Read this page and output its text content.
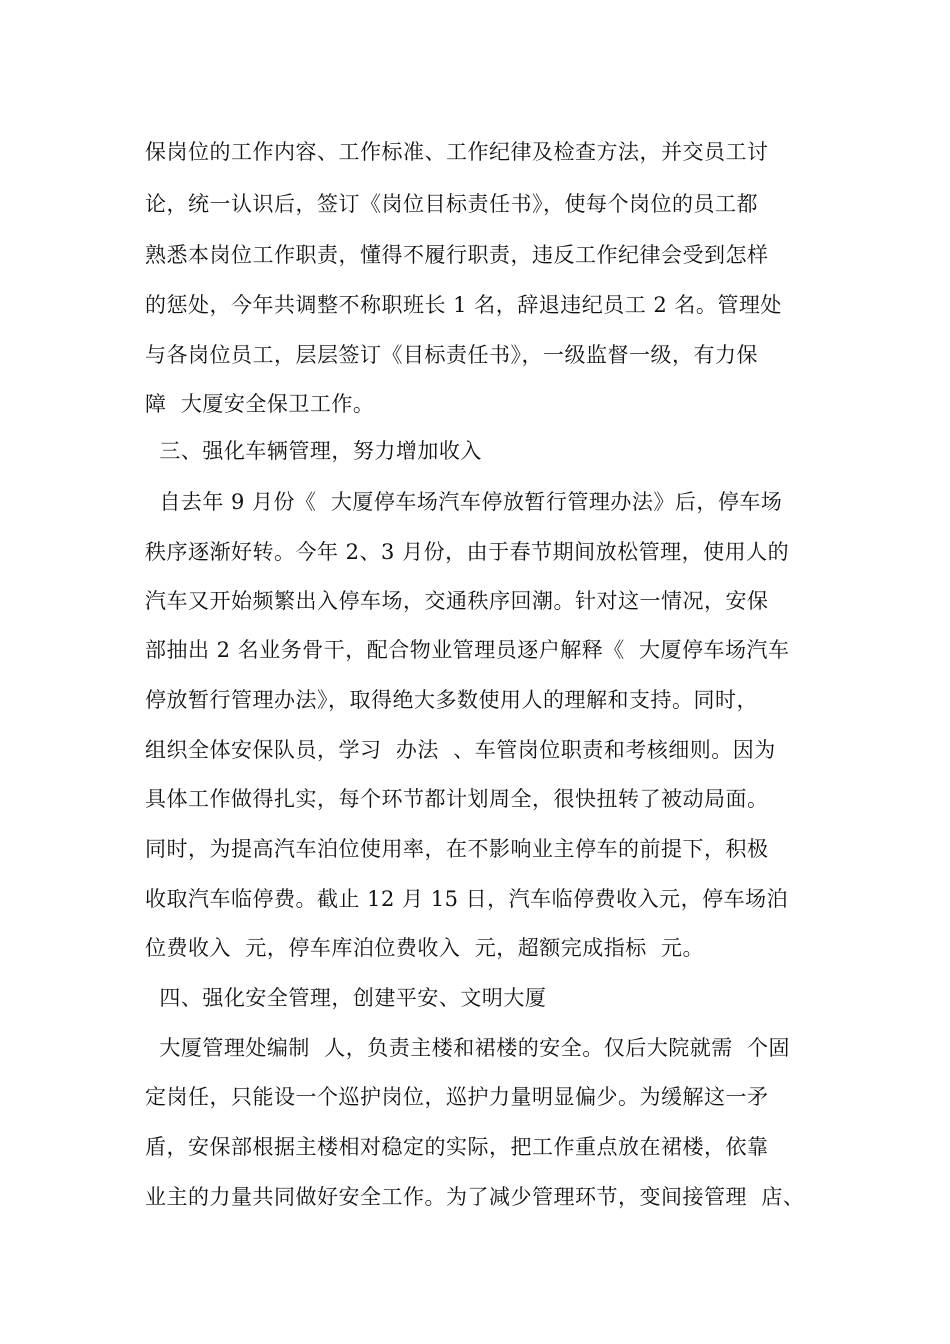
保岗位的工作内容、工作标准、工作纪律及检查方法，并交员工讨
论，统一认识后，签订《岗位目标责任书》，使每个岗位的员工都
熟悉本岗位工作职责，懂得不履行职责，违反工作纪律会受到怎样
的惩处，今年共调整不称职班长 1 名，辞退违纪员工 2 名。管理处
与各岗位员工，层层签订《目标责任书》，一级监督一级，有力保
障  大厦安全保卫工作。
三、强化车辆管理，努力增加收入
自去年 9 月份《  大厦停车场汽车停放暂行管理办法》后，停车场
秩序逐渐好转。今年 2、3 月份，由于春节期间放松管理，使用人的
汽车又开始频繁出入停车场，交通秩序回潮。针对这一情况，安保
部抽出 2 名业务骨干，配合物业管理员逐户解释《  大厦停车场汽车
停放暂行管理办法》，取得绝大多数使用人的理解和支持。同时，
组织全体安保队员，学习  办法  、车管岗位职责和考核细则。因为
具体工作做得扎实，每个环节都计划周全，很快扭转了被动局面。
同时，为提高汽车泊位使用率，在不影响业主停车的前提下，积极
收取汽车临停费。截止 12 月 15 日，汽车临停费收入元，停车场泊
位费收入  元，停车库泊位费收入  元，超额完成指标  元。
四、强化安全管理，创建平安、文明大厦
大厦管理处编制  人，负责主楼和裙楼的安全。仅后大院就需  个固
定岗任，只能设一个巡护岗位，巡护力量明显偏少。为缓解这一矛
盾，安保部根据主楼相对稳定的实际，把工作重点放在裙楼，依靠
业主的力量共同做好安全工作。为了减少管理环节，变间接管理  店、
